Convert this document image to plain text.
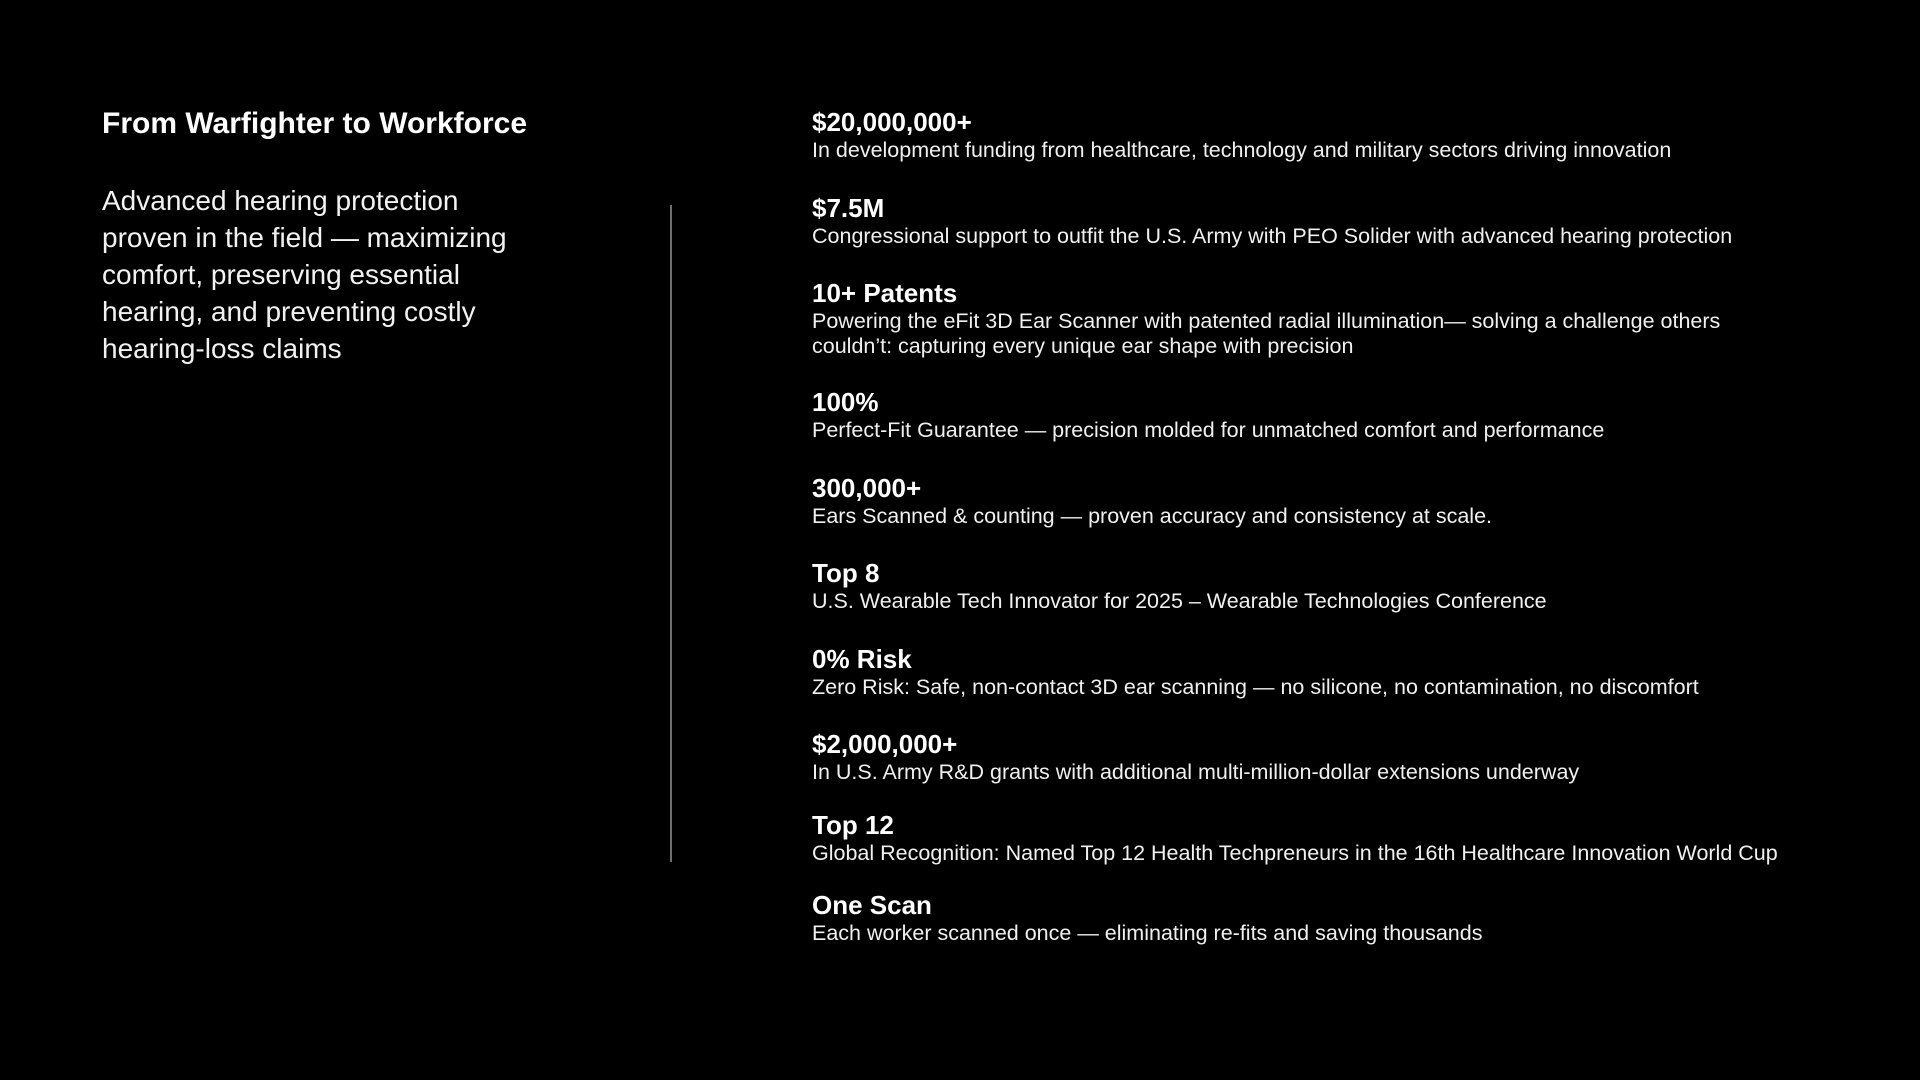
From Warfighter to Workforce
Advanced hearing protection
proven in the field — maximizing
comfort, preserving essential
hearing, and preventing costly
hearing-loss claims
$20,000,000+
In development funding from healthcare, technology and military sectors driving innovation
$7.5M
Congressional support to outfit the U.S. Army with PEO Solider with advanced hearing protection
10+ Patents
Powering the eFit 3D Ear Scanner with patented radial illumination— solving a challenge others
couldn’t: capturing every unique ear shape with precision
100%
Perfect-Fit Guarantee — precision molded for unmatched comfort and performance
300,000+
Ears Scanned & counting — proven accuracy and consistency at scale.
Top 8
U.S. Wearable Tech Innovator for 2025 – Wearable Technologies Conference
0% Risk
Zero Risk: Safe, non-contact 3D ear scanning — no silicone, no contamination, no discomfort
$2,000,000+
In U.S. Army R&D grants with additional multi-million-dollar extensions underway
Top 12
Global Recognition: Named Top 12 Health Techpreneurs in the 16th Healthcare Innovation World Cup
One Scan
Each worker scanned once — eliminating re-fits and saving thousands
